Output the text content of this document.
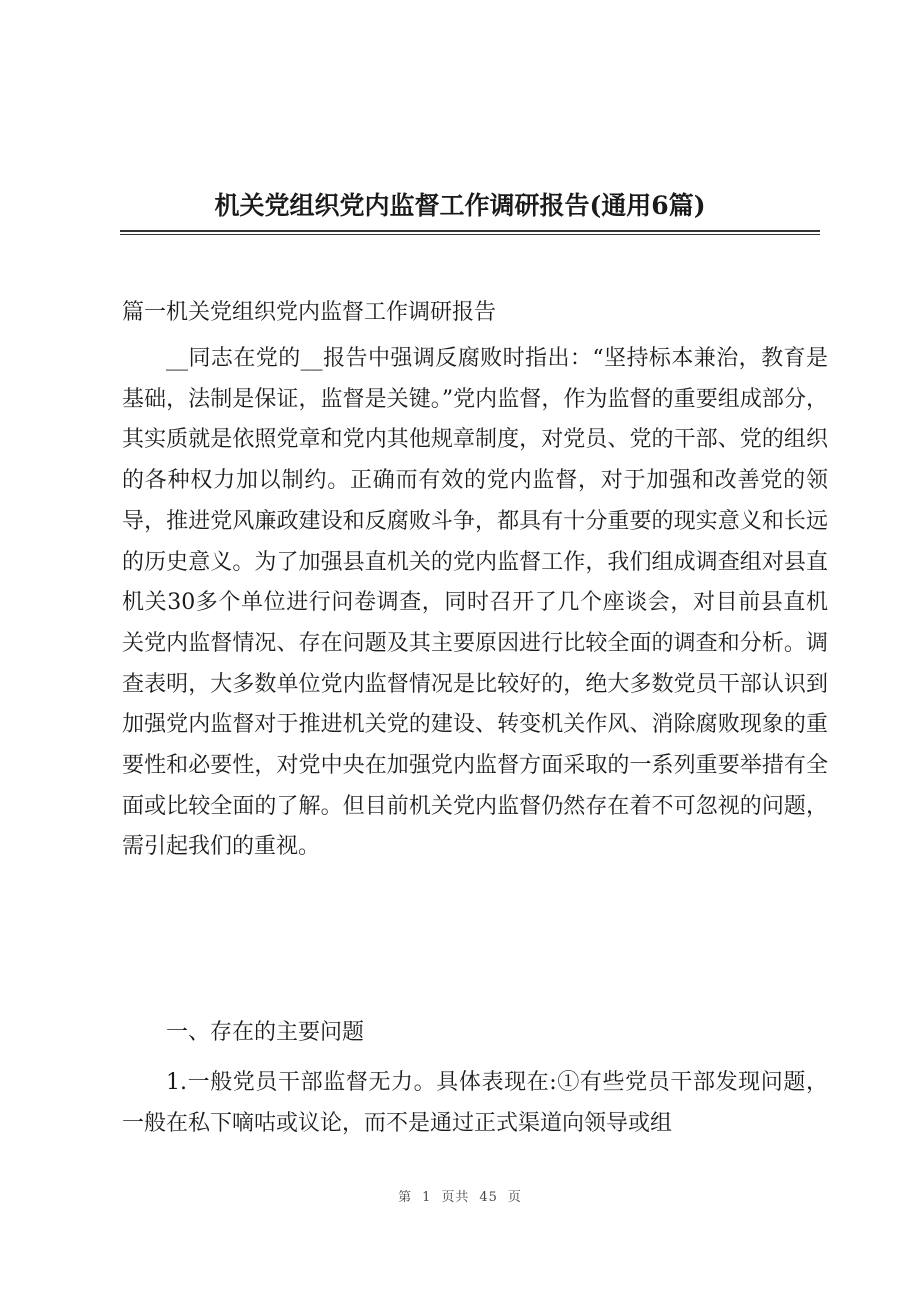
机关党组织党内监督工作调研报告(通用6篇)
篇一机关党组织党内监督工作调研报告

__同志在党的__报告中强调反腐败时指出：“坚持标本兼治，教育是基础，法制是保证，监督是关键。”党内监督，作为监督的重要组成部分，其实质就是依照党章和党内其他规章制度，对党员、党的干部、党的组织的各种权力加以制约。正确而有效的党内监督，对于加强和改善党的领导，推进党风廉政建设和反腐败斗争，都具有十分重要的现实意义和长远的历史意义。为了加强县直机关的党内监督工作，我们组成调查组对县直机关30多个单位进行问卷调查，同时召开了几个座谈会，对目前县直机关党内监督情况、存在问题及其主要原因进行比较全面的调查和分析。调查表明，大多数单位党内监督情况是比较好的，绝大多数党员干部认识到加强党内监督对于推进机关党的建设、转变机关作风、消除腐败现象的重要性和必要性，对党中央在加强党内监督方面采取的一系列重要举措有全面或比较全面的了解。但目前机关党内监督仍然存在着不可忽视的问题，需引起我们的重视。

一、存在的主要问题

1.一般党员干部监督无力。具体表现在:①有些党员干部发现问题，一般在私下嘀咕或议论，而不是通过正式渠道向领导或组

第 1 页共 45 页
